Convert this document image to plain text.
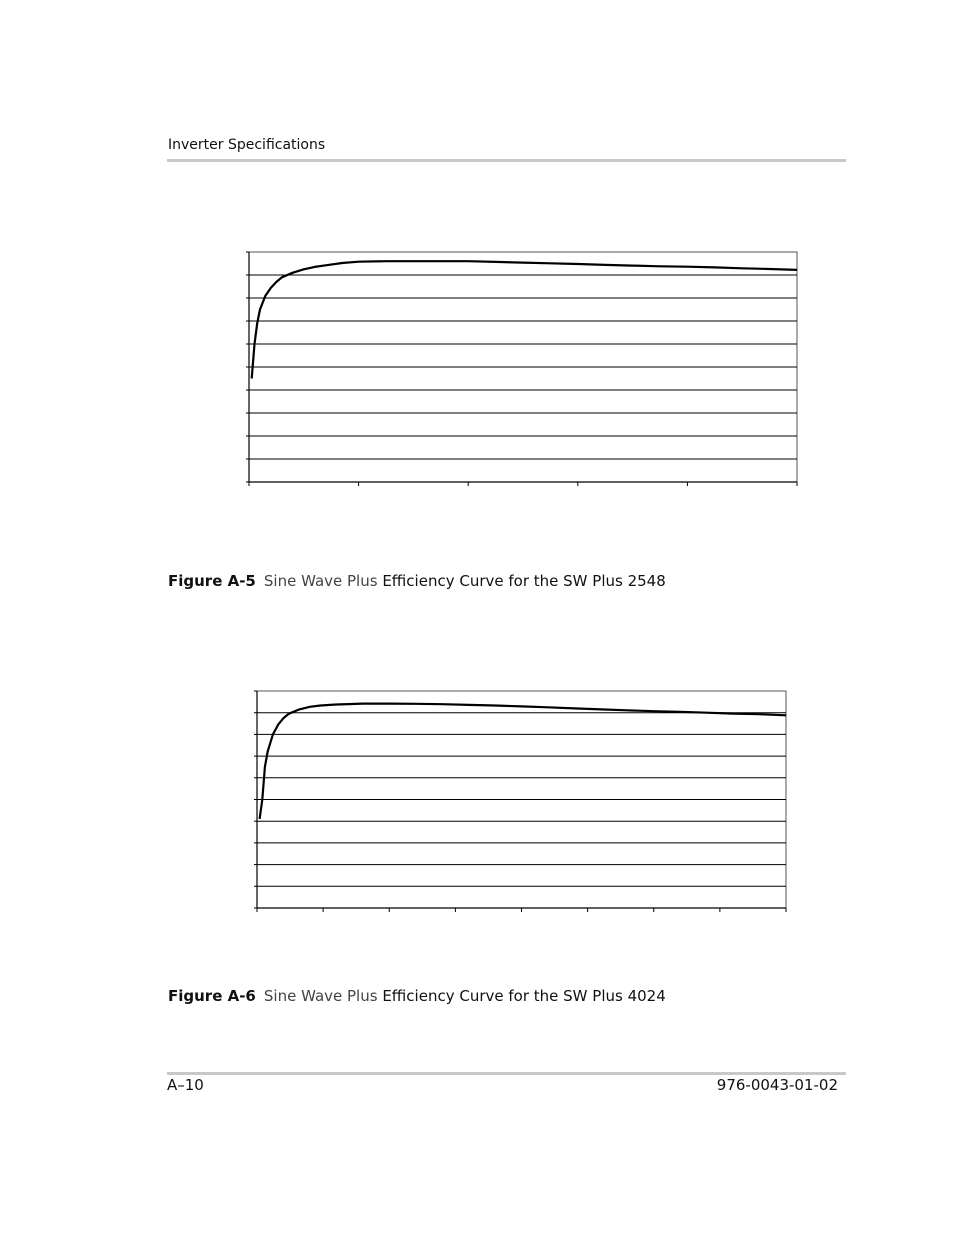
Inverter Specifications
Figure A-5 Sine Wave Plus Efficiency Curve for the SW Plus 2548
Figure A-6 Sine Wave Plus Efficiency Curve for the SW Plus 4024
A–10	976-0043-01-02
